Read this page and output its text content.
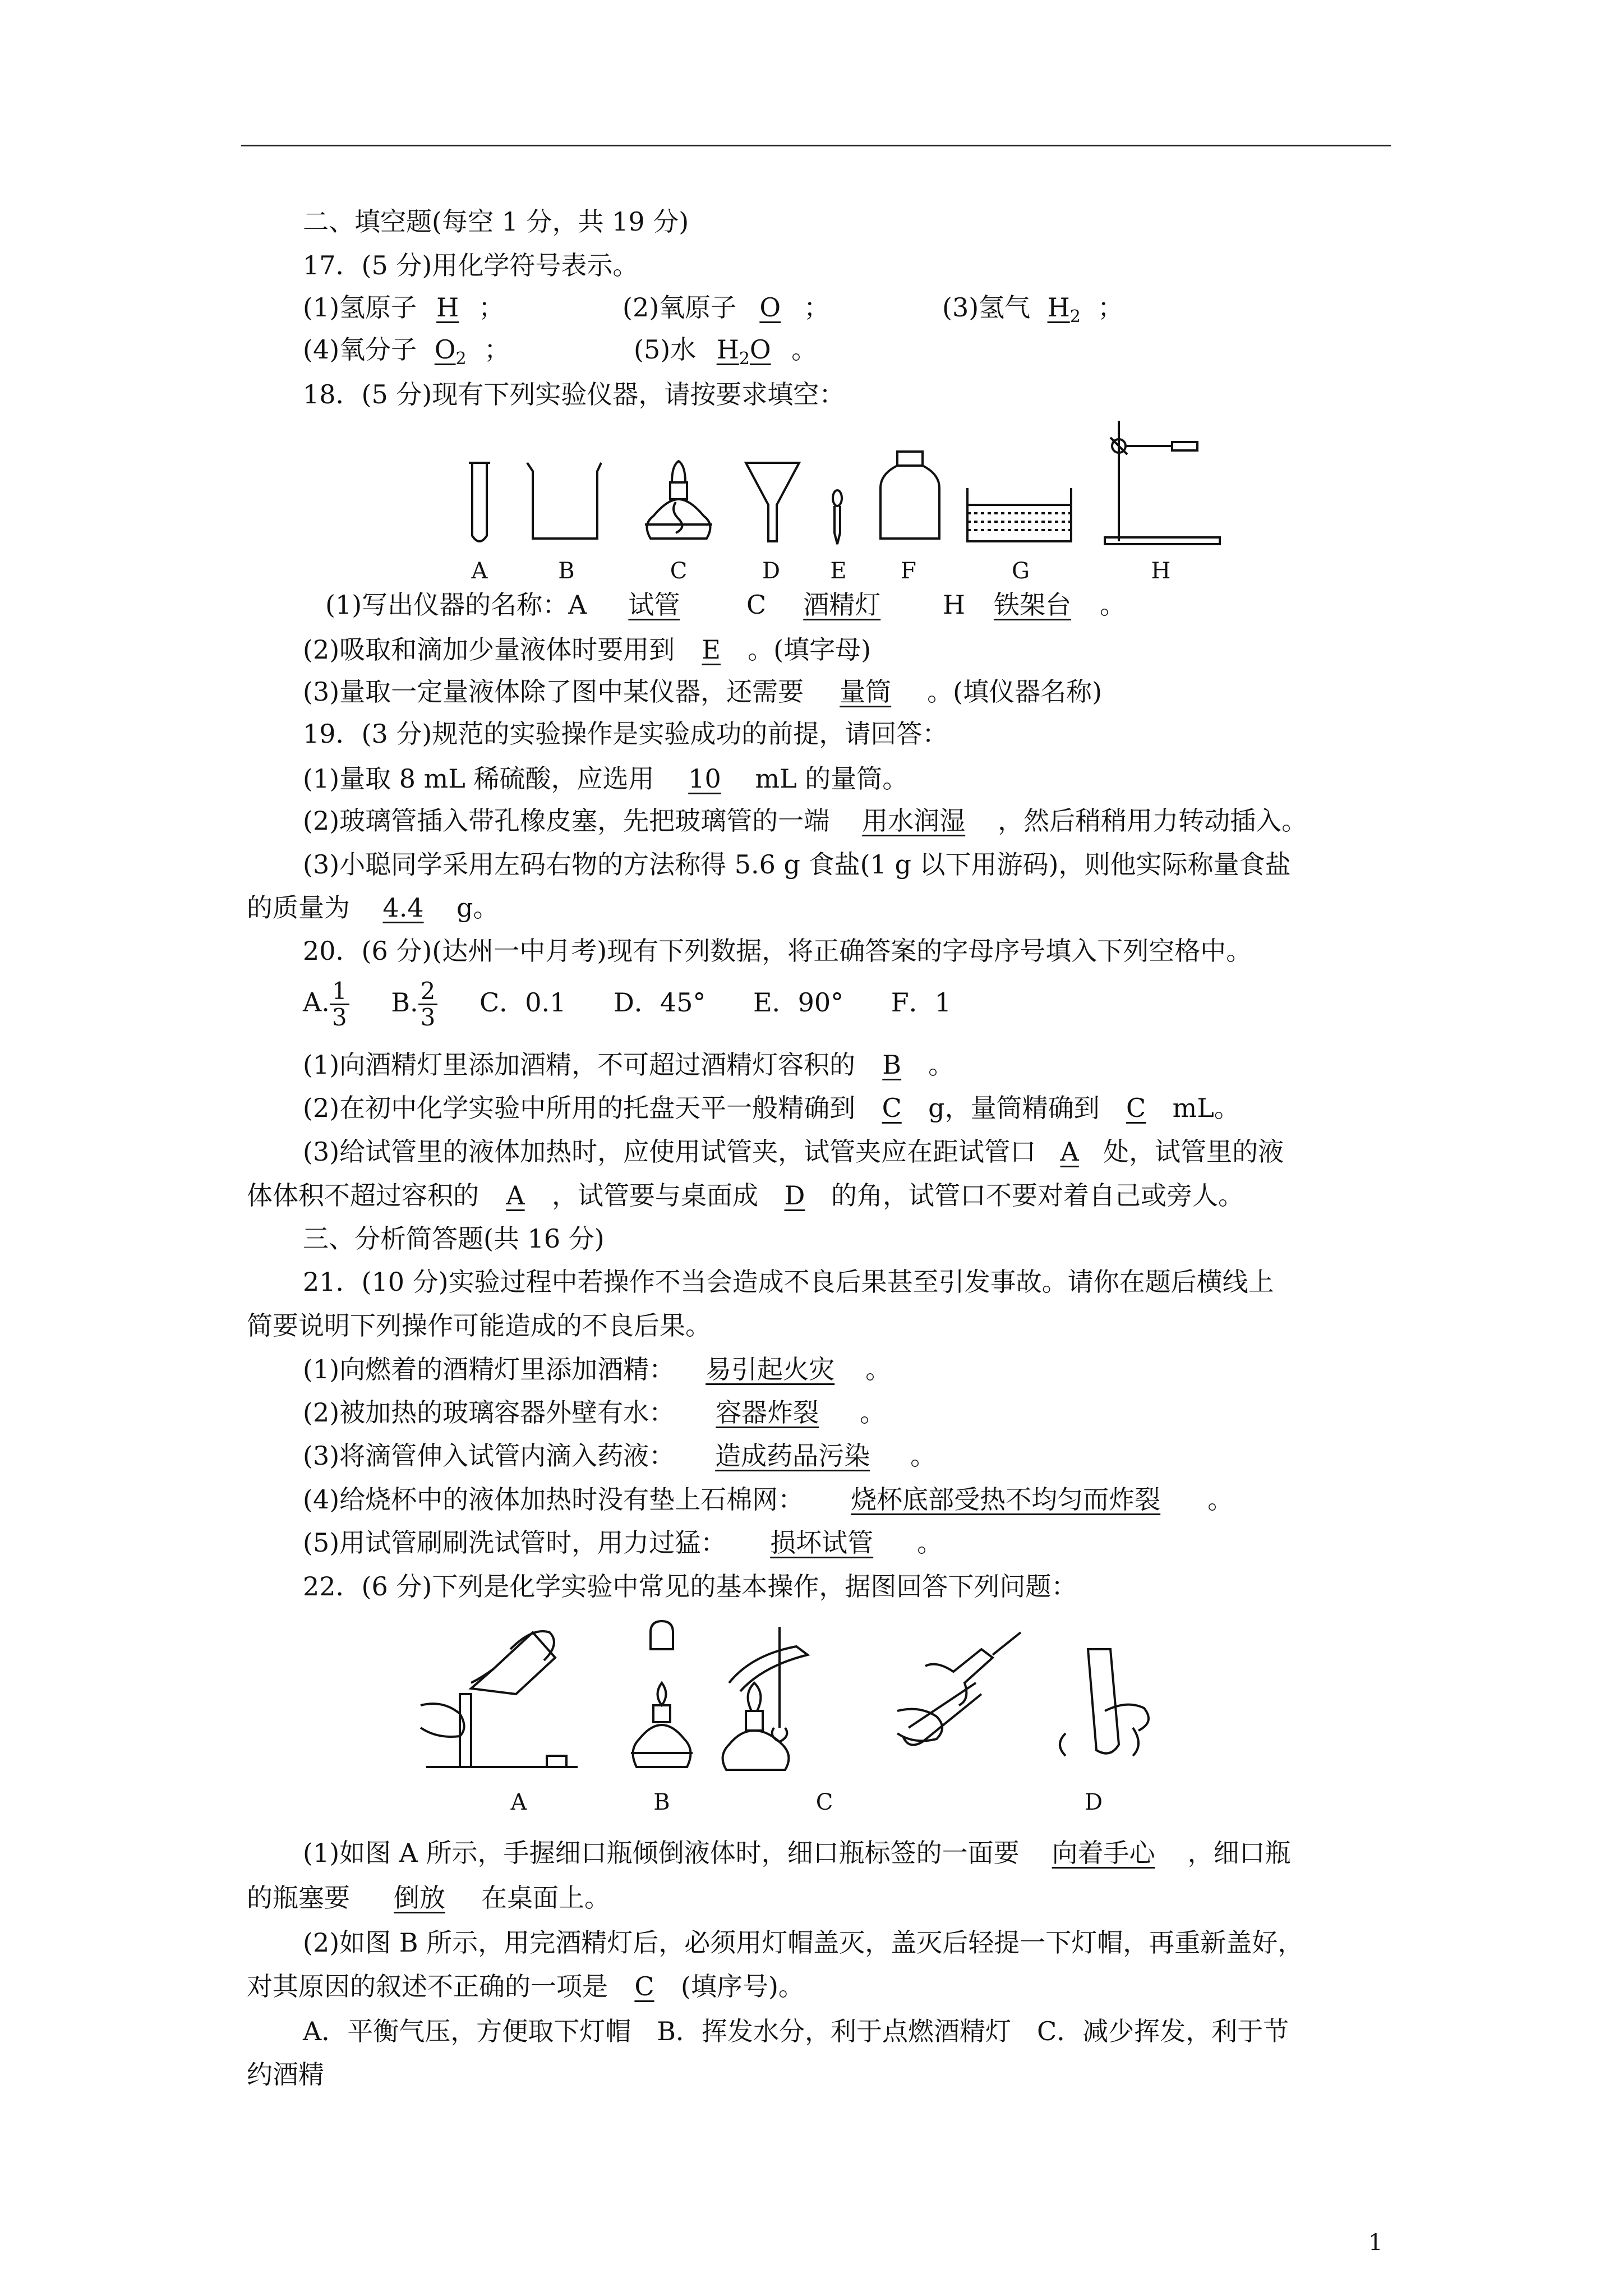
二、填空题(每空 1 分，共 19 分)
17．(5 分)用化学符号表示。
(1)氢原子 H ；	(2)氧原子 O ；	(3)氢气 $H_2$ ；
(4)氧分子 $O_2$ ；	(5)水 $H_2O$ 。
18．(5 分)现有下列实验仪器，请按要求填空：
A	B	C	D	E	F	G	H
(1)写出仪器的名称：A 试管	C 酒精灯 H 铁架台 。
(2)吸取和滴加少量液体时要用到 E 。(填字母)
(3)量取一定量液体除了图中某仪器，还需要 量筒 。(填仪器名称)
19．(3 分)规范的实验操作是实验成功的前提，请回答：
(1)量取 8 mL 稀硫酸，应选用 10 mL 的量筒。
(2)玻璃管插入带孔橡皮塞，先把玻璃管的一端 用水润湿 ，然后稍稍用力转动插入。
(3)小聪同学采用左码右物的方法称得 5.6 g 食盐(1 g 以下用游码)，则他实际称量食盐
的质量为 4.4 g。
20．(6 分)(达州一中月考)现有下列数据，将正确答案的字母序号填入下列空格中。
A. $\frac{1}{3} B$. $\frac{2}{3}$ C．0.1 D．45° E．90° F．1
(1)向酒精灯里添加酒精，不可超过酒精灯容积的 B 。
(2)在初中化学实验中所用的托盘天平一般精确到 C g，量筒精确到 C mL。
(3)给试管里的液体加热时，应使用试管夹，试管夹应在距试管口 A 处，试管里的液
体体积不超过容积的 A ，试管要与桌面成 D 的角，试管口不要对着自己或旁人。
三、分析简答题(共 16 分)
21．(10 分)实验过程中若操作不当会造成不良后果甚至引发事故。请你在题后横线上
简要说明下列操作可能造成的不良后果。
(1)向燃着的酒精灯里添加酒精： 易引起火灾 。
(2)被加热的玻璃容器外壁有水： 容器炸裂 。
(3)将滴管伸入试管内滴入药液： 造成药品污染 。
(4)给烧杯中的液体加热时没有垫上石棉网： 烧杯底部受热不均匀而炸裂 。
(5)用试管刷刷洗试管时，用力过猛： 损坏试管 。
22．(6 分)下列是化学实验中常见的基本操作，据图回答下列问题：
A	B	C	D
(1)如图 A 所示，手握细口瓶倾倒液体时，细口瓶标签的一面要 向着手心 ，细口瓶
的瓶塞要 倒放 在桌面上。
(2)如图 B 所示，用完酒精灯后，必须用灯帽盖灭，盖灭后轻提一下灯帽，再重新盖好，
对其原因的叙述不正确的一项是 C (填序号)。
A．平衡气压，方便取下灯帽　B．挥发水分，利于点燃酒精灯　C．减少挥发，利于节
约酒精
1
